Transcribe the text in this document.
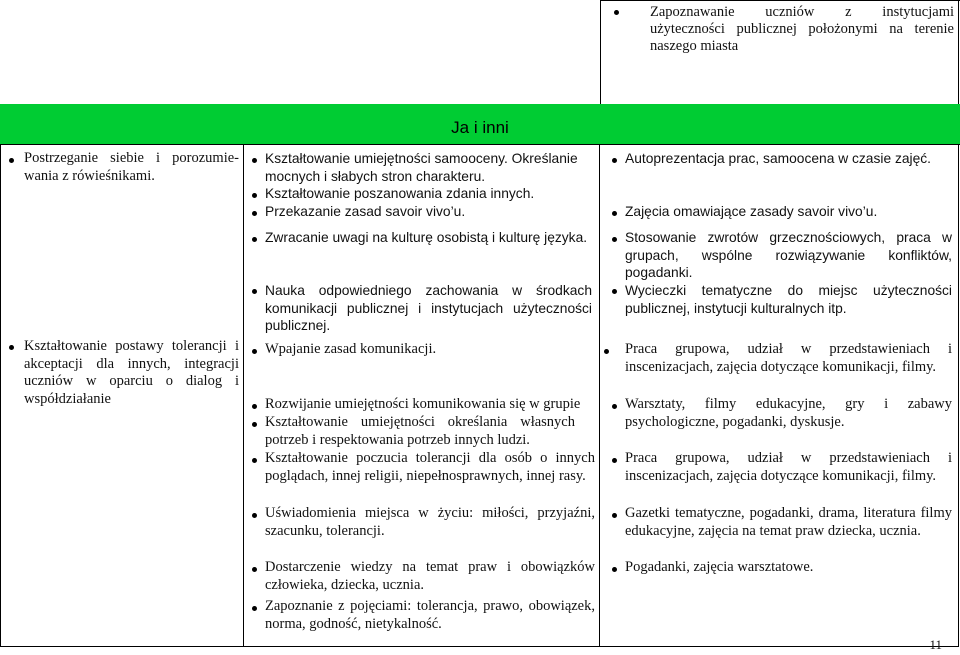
Zapoznawanie uczniów z instytucjami
użyteczności publicznej położonymi na terenie
naszego miasta
Ja i inni
Postrzeganie siebie i porozumie- wania z rówieśnikami.
Kształtowanie postawy tolerancji i akceptacji dla innych, integracji uczniów w oparciu o dialog i współdziałanie
Kształtowanie umiejętności samooceny. Określanie mocnych i słabych stron charakteru.
Kształtowanie poszanowania zdania innych.
Przekazanie zasad savoir vivo’u.
Zwracanie uwagi na kulturę osobistą i kulturę języka.
Nauka odpowiedniego zachowania w środkach komunikacji publicznej i instytucjach użyteczności publicznej.
Wpajanie zasad komunikacji.
Rozwijanie umiejętności komunikowania się w grupie
Kształtowanie umiejętności określania własnych potrzeb i respektowania potrzeb innych ludzi.
Kształtowanie poczucia tolerancji dla osób o innych poglądach, innej religii, niepełnosprawnych, innej rasy.
Uświadomienia miejsca w życiu: miłości, przyjaźni, szacunku, tolerancji.
Dostarczenie wiedzy na temat praw i obowiązków człowieka, dziecka, ucznia.
Zapoznanie z pojęciami: tolerancja, prawo, obowiązek, norma, godność, nietykalność.
Autoprezentacja prac, samoocena w czasie zajęć.
Zajęcia omawiające zasady savoir vivo’u.
Stosowanie zwrotów grzecznościowych, praca w grupach, wspólne rozwiązywanie konfliktów, pogadanki.
Wycieczki tematyczne do miejsc użyteczności publicznej, instytucji kulturalnych itp.
Praca grupowa, udział w przedstawieniach i inscenizacjach, zajęcia dotyczące komunikacji, filmy.
Warsztaty, filmy edukacyjne, gry i zabawy psychologiczne, pogadanki, dyskusje.
Praca grupowa, udział w przedstawieniach i inscenizacjach, zajęcia dotyczące komunikacji, filmy.
Gazetki tematyczne, pogadanki, drama, literatura filmy edukacyjne, zajęcia na temat praw dziecka, ucznia.
Pogadanki, zajęcia warsztatowe.
11
